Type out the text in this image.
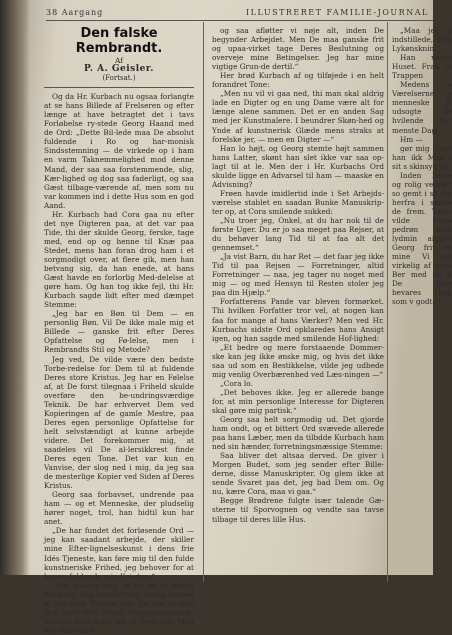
38 Aargang	ILLUSTRERET FAMILIE-JOURNAL

Den falske Rembrandt.

Af

P. A. Geisler.

(Fortsat.)

Og da Hr. Kurbach nu ogsaa forlangte at se hans Billede af Frelseren og efter længe at have betragtet det i tavs Forløbelse ry-stede Georg Haand med de Ord: „Dette Bil-lede maa De absolut fuldende i Ro og har-monisk Sindsstemning — de virkede op i ham en varm Taknemmelighed mod denne Mand, der saa saa forstemmende, slig, Kær-lighed og dog saa faderligt, og saa Gæst tilbage-værende af, men som nu var kommen ind i dette Hus som en god Aand.

Hr. Kurbach had Cora gaa nu efter det nye Digteren paa, at det var paa Tide, thi der skulde Georg, ferske, tage med, end op og henne til Knæ paa Stedet, mens han foran drog ham i et sorgmodigt over, at flere gik, men han betvang sig, da han enede, at hans Gæst havde en forlorlig Med-delelse at gøre ham. Og han tog ikke fejl, thi Hr. Kurbach sagde lidt efter med dæmpet Stemme:

„Jeg har en Bøn til Dem — en personlig Bøn. Vil De ikke male mig et Billede — ganske frit efter Deres Opfattelse og Fø-lelse, men i Rembrandts Stil og Metode?

Jeg ved, De vilde være den bedste Torbe-redelse for Dem til at fuldende Deres store Kristus. Jeg har en Følelse af, at De forst tilegnaa i Friheld skulde overføre den be-undringsværdige Teknik. De har erhvervet Dem ved Kopieringen af de gamle Mestre, paa Deres egen personlige Opfattelse for helt selvstændigt at kunne arbejde videre. Det forekommer mig, at saadeles vil De al-lersikkrest finde Deres egen Tone. Det var kun en Vanvise, der slog ned i mig, da jeg saa de mesterlige Kopier ved Siden af Deres Kristus.

Georg saa forbavset, undrende paa ham — og et Menneske, der pludselig hører noget, trol, han hidtil kun har anet.

„De har fundet det forløsende Ord — jeg kan saadant arbejde, der skiller mine Efter-lignelseskunst i dens frie Idés Tjeneste, kan føre mig til den fulde kunstneriske Frihed, jeg behover for at kunne fuldende min Kri-stus.“

„Det glæder mig, at De er af denne Me-ning. Saa bestiller jeg altsaa herved et saa-dant Billede som De saa at sige skal male efter Deres Rembrandtteknik. Molivet over-lader jeg til Dem selv. Men det skal være

og saa afløtter vi nøje alt, inden De begynder Arbejdet. Men De maa ganske frit og upaa-virket tage Deres Beslutning og overveje mine Betingelser. Jeg har mine vigtige Grun-de dertil.“

Her brød Kurbach af og tilføjede i en helt forandret Tone:

„Men nu vil vi gaa ned, thi man skal aldrig lade en Digter og en ung Dame være alt for længe alene sammen. Det er en anden Sag med jer Kunstmalere. I beundrer Skøn-hed og Ynde af kunstnerisk Glæde mens straks at forelske jer, — men en Digter —“

Han lo højt, og Georg stemte højt sammen hans Latter, skønt han slet ikke var saa op-lagt til at le. Men der i Hr. Kurbachs Ord skulde ligge en Advarsel til ham — maaske en Advisning?

Frøen havde imidlertid inde i Set Arbejds-værelse stablet en saadan Bunke Manuskrip-ter op, at Cora smilende sukked:

„Nu troer jeg, Onkel, at du har nok til de første Uger. Du er jo saa meget paa Rejser, at du behøver lang Tid til at faa alt det gennemset.“

„Ja vist Barn, du har Ret — det faar jeg ikke Tid til paa Rejsen — Forretninger, altid Forretninger — naa, jeg tager nu noget med mig — og med Hensyn til Resten stoler jeg paa din Hjælp.“

Forfatterens Pande var bleven formørket. Thi hvilken Forfatter tror vel, at nogen kan faa for mange af hans Værker? Men ved Hr. Kurbachs sidste Ord opklaredes hans Ansigt igen, og han sagde med smilende Hof-lighed:

„Et bedre og mere forstaaende Dommer-ske kan jeg ikke ønske mig, og hvis det ikke saa ud som en Bestikkelse, vilde jeg udbede mig venlig Overbærenhed ved Læs-ningen —“

„Cora lo.

„Det behoves ikke. Jeg er allerede bange for, at min personlige Interesse for Digteren skal gøre mig partisk.“

Georg saa helt sorgmodig ud. Det gjorde ham ondt, og et bittert Ord svævede allerede paa hans Læber, men da tilbdde Kurbach ham ned sin hænder, forretningsmæssige Stemme:

Saa bliver det altsaa derved. De giver i Morgen Budet, som jeg sender efter Bille-derne, disse Manuskripter. Og glem ikke at sende Svaret paa det, jeg bad Dem om. Og nu, kære Cora, maa vi gaa.“

Begge Brødrene fulgte især talende Gæ-sterne til Sporvognen og vendte saa tavse tilbage til deres lille Hus.

„Maa jeg c indstillede, elsk Lykønsknin

Han vendt Huset. Fran til Trappen

Medens b Værelserne e menneske H udsogte de hvilende far-menste Dag.

Hm —

gør mig o var han ikk Men i sit s skinsyg pa

Inden Rejse og rolig venner, so gemt i sit Og herfra i sønde de frem. Tank- vilde være pedrøn maa lydmin aigjørt Georg frit ra mine Vi sig virkelig af hans Ber med de g De Nær bevares Ting, som v godt.
